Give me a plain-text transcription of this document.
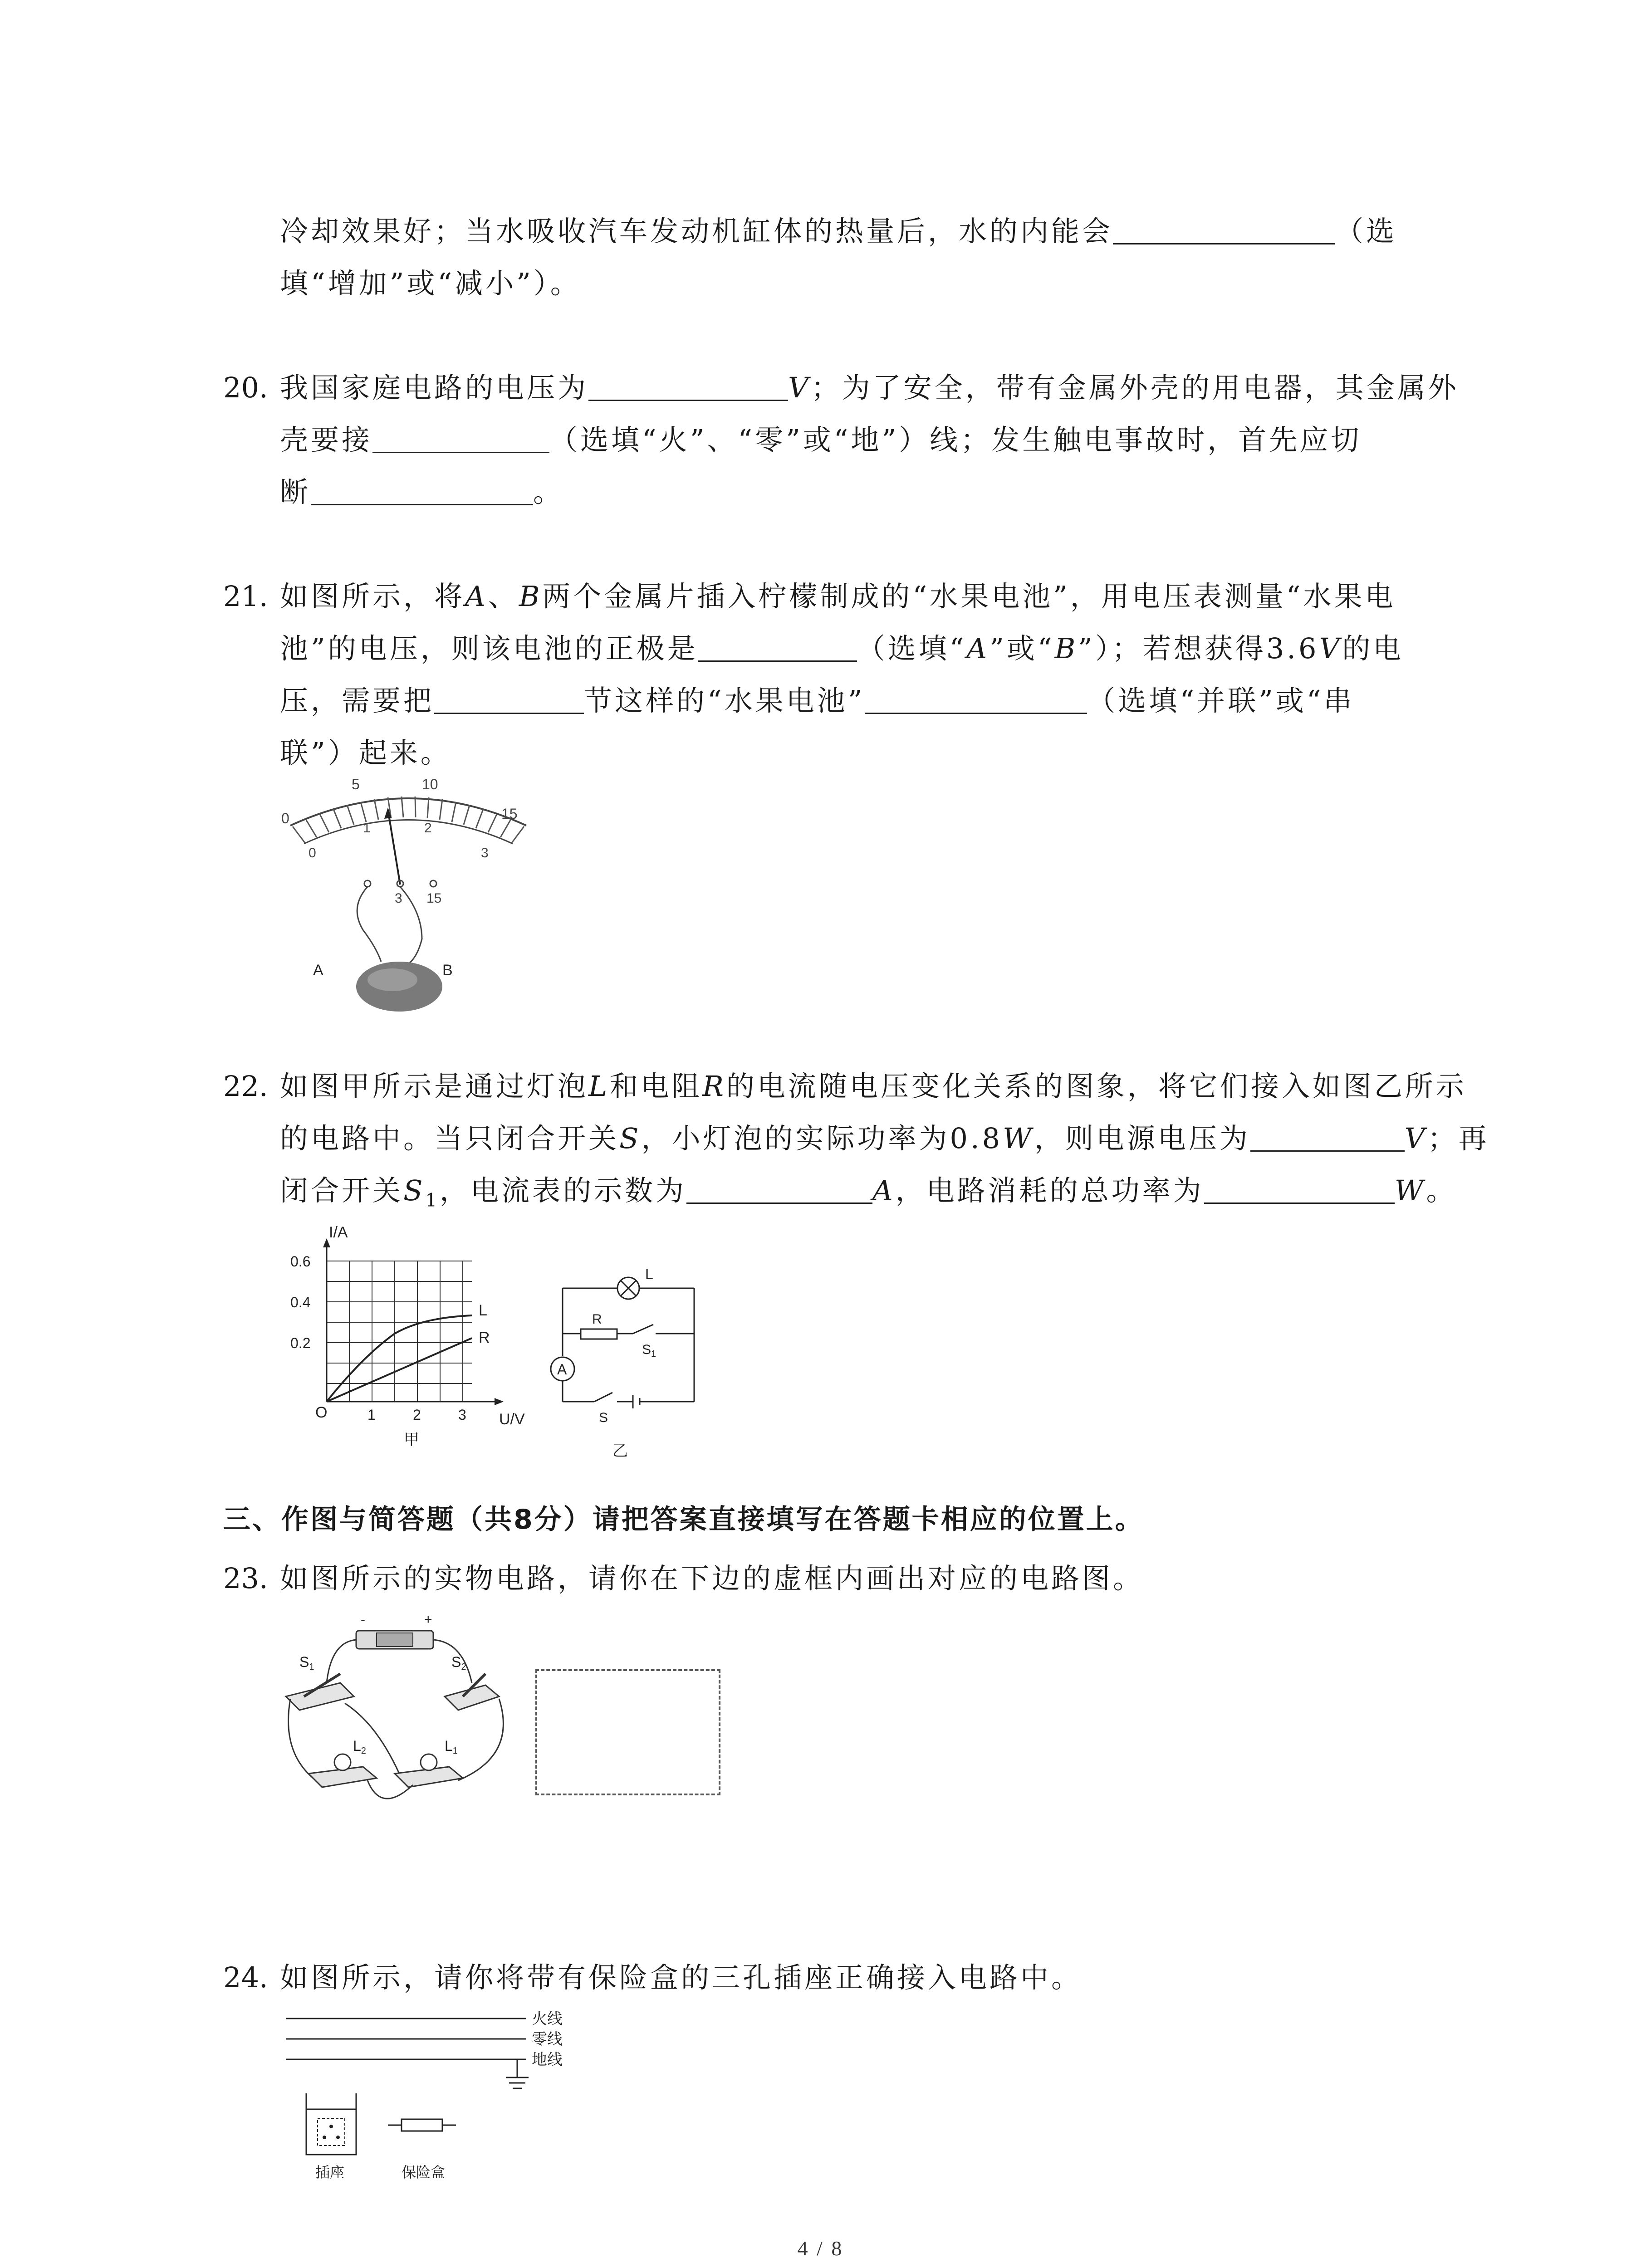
冷却效果好；当水吸收汽车发动机缸体的热量后，水的内能会	（选
填“增加”或“减小”）。
20. 我国家庭电路的电压为	V；为了安全，带有金属外壳的用电器，其金属外
壳要接	（选填“火”、“零”或“地”）线；发生触电事故时，首先应切
断	。
21. 如图所示，将A、B两个金属片插入柠檬制成的“水果电池”，用电压表测量“水果电
池”的电压，则该电池的正极是	（选填“A”或“B”）；若想获得3.6V的电
压，需要把	节这样的“水果电池”	（选填“并联”或“串
联”）起来。
0
5	10
15
0
1	2
3
3 15
A	B
22. 如图甲所示是通过灯泡L和电阻R的电流随电压变化关系的图象，将它们接入如图乙所示
的电路中。当只闭合开关S，小灯泡的实际功率为0.8W，则电源电压为	V；再
闭合开关$S_1$，电流表的示数为	A，电路消耗的总功率为	W。
I/A
U/V
O
0.6
0.4
0.2
1	2	3
L
R
甲
A
L
R
$S_1$
S
乙
三、作图与简答题（共8分）请把答案直接填写在答题卡相应的位置上。
23. 如图所示的实物电路，请你在下边的虚框内画出对应的电路图。
-	+
S1	S2
L2	L1
24. 如图所示，请你将带有保险盒的三孔插座正确接入电路中。
火线
零线
地线
插座	保险盒
4 / 8
